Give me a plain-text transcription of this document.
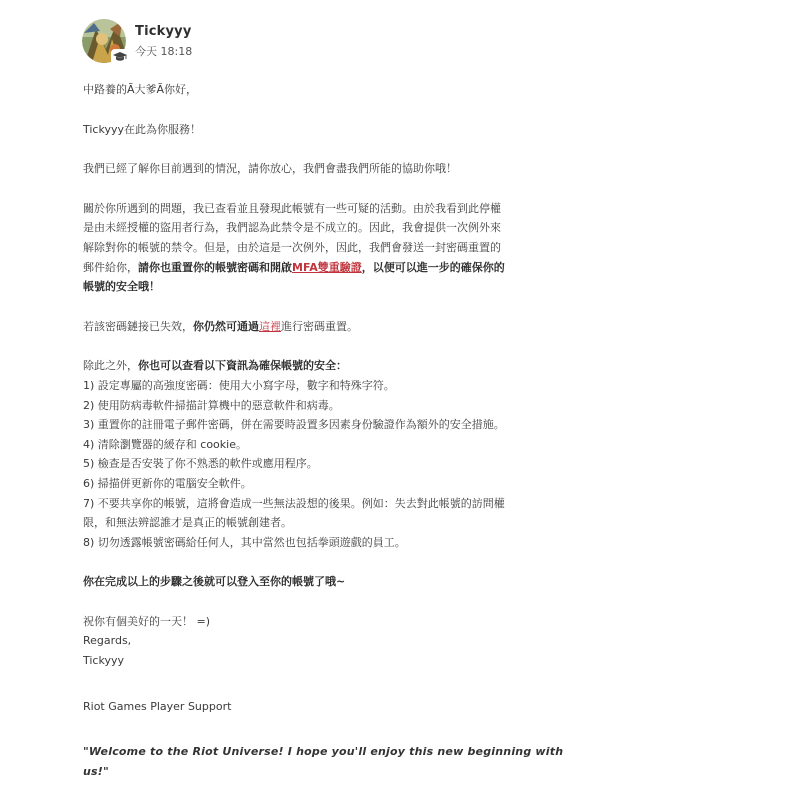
Tickyyy
今天 18:18

中路養的Ã大爹Ã你好，

Tickyyy在此為你服務！

我們已經了解你目前遇到的情況，請你放心，我們會盡我們所能的協助你哦！

關於你所遇到的問題，我已查看並且發現此帳號有一些可疑的活動。由於我看到此停權
是由未經授權的盜用者行為，我們認為此禁令是不成立的。因此，我會提供一次例外來
解除對你的帳號的禁令。但是，由於這是一次例外，因此，我們會發送一封密碼重置的
郵件給你，請你也重置你的帳號密碼和開啟MFA雙重驗證，以便可以進一步的確保你的
帳號的安全哦！

若該密碼鏈接已失效，你仍然可通過這裡進行密碼重置。

除此之外，你也可以查看以下資訊為確保帳號的安全：

1) 設定專屬的高強度密碼：使用大小寫字母，數字和特殊字符。

2) 使用防病毒軟件掃描計算機中的惡意軟件和病毒。

3) 重置你的註冊電子郵件密碼，併在需要時設置多因素身份驗證作為額外的安全措施。

4) 清除瀏覽器的緩存和 cookie。

5) 檢查是否安裝了你不熟悉的軟件或應用程序。

6) 掃描併更新你的電腦安全軟件。

7) 不要共享你的帳號，這將會造成一些無法設想的後果。例如：失去對此帳號的訪問權

限，和無法辨認誰才是真正的帳號創建者。

8) 切勿透露帳號密碼給任何人，其中當然也包括拳頭遊戲的員工。

你在完成以上的步驟之後就可以登入至你的帳號了哦~

祝你有個美好的一天！ =)

Regards,

Tickyyy

Riot Games Player Support

"Welcome to the Riot Universe! I hope you'll enjoy this new beginning with us!"
